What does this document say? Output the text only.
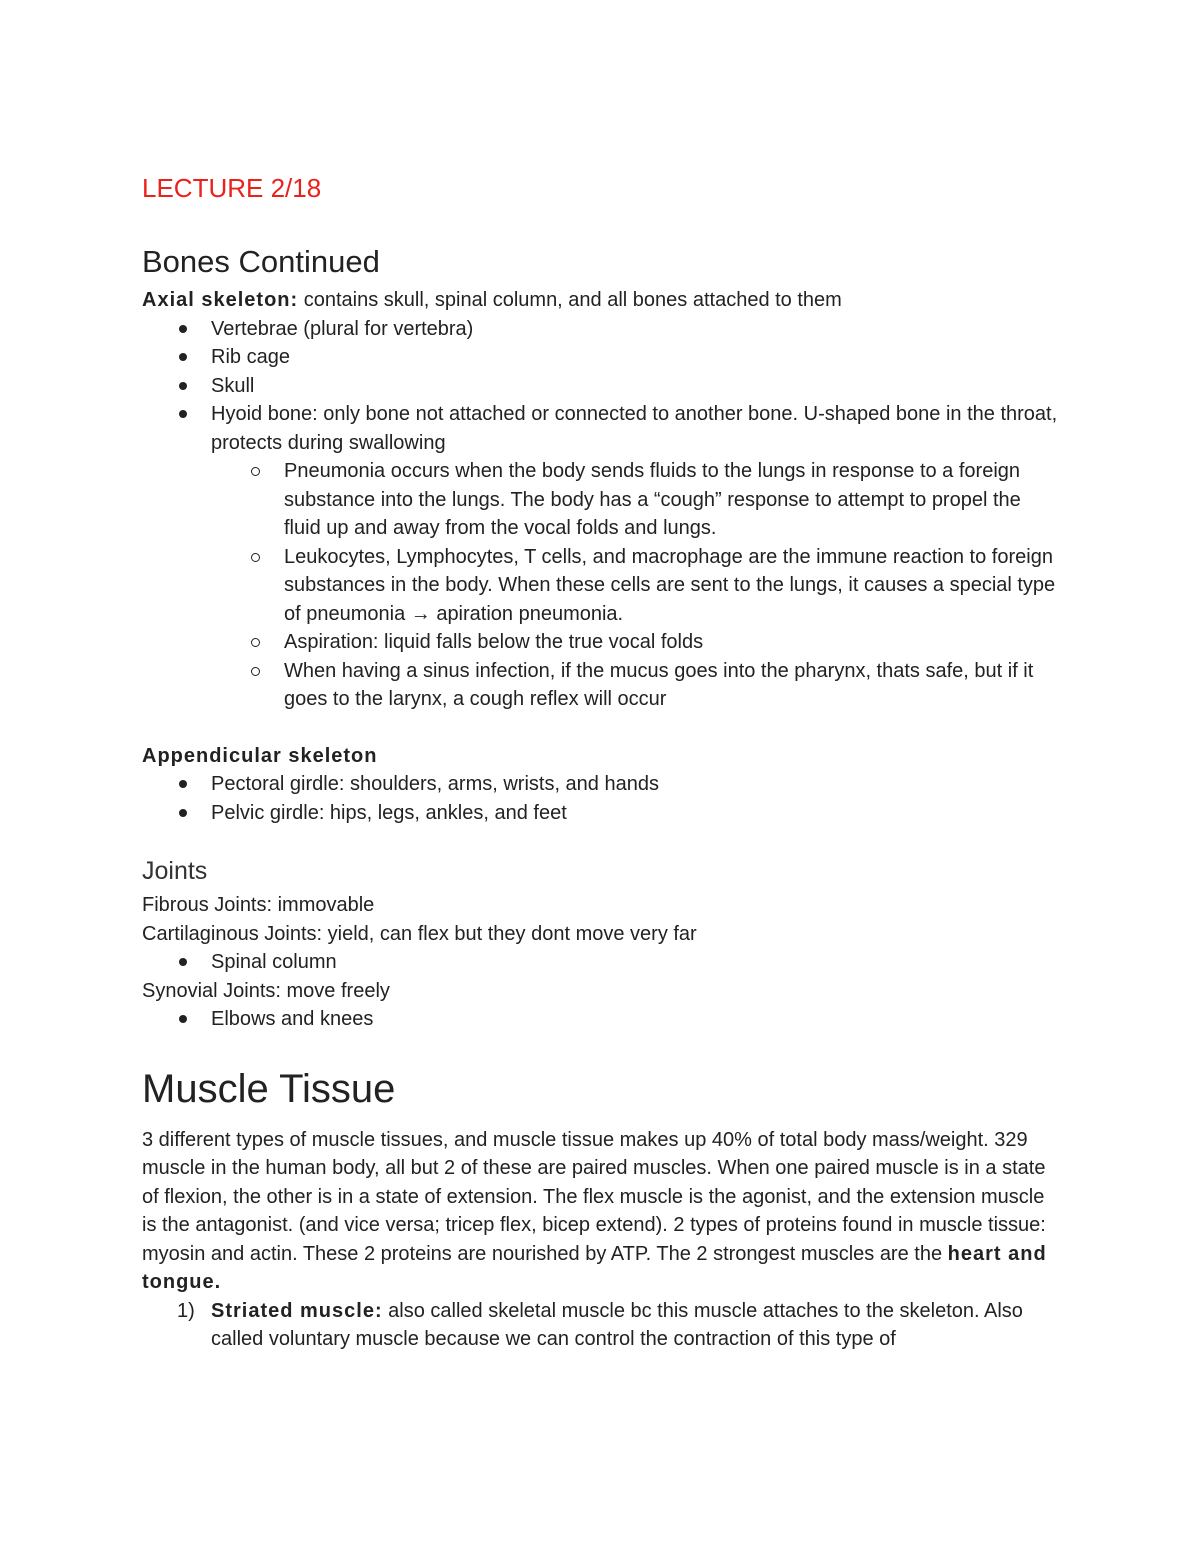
LECTURE 2/18
Bones Continued

Axial skeleton: contains skull, spinal column, and all bones attached to them

Vertebrae (plural for vertebra)
Rib cage
Skull
Hyoid bone: only bone not attached or connected to another bone. U-shaped bone in the throat, protects during swallowing
Pneumonia occurs when the body sends fluids to the lungs in response to a foreign substance into the lungs. The body has a “cough” response to attempt to propel the fluid up and away from the vocal folds and lungs.
Leukocytes, Lymphocytes, T cells, and macrophage are the immune reaction to foreign substances in the body. When these cells are sent to the lungs, it causes a special type of pneumonia → apiration pneumonia.
Aspiration: liquid falls below the true vocal folds
When having a sinus infection, if the mucus goes into the pharynx, thats safe, but if it goes to the larynx, a cough reflex will occur

Appendicular skeleton

Pectoral girdle: shoulders, arms, wrists, and hands
Pelvic girdle: hips, legs, ankles, and feet
Joints

Fibrous Joints: immovable

Cartilaginous Joints: yield, can flex but they dont move very far

Spinal column

Synovial Joints: move freely

Elbows and knees
Muscle Tissue

3 different types of muscle tissues, and muscle tissue makes up 40% of total body mass/weight. 329 muscle in the human body, all but 2 of these are paired muscles. When one paired muscle is in a state of flexion, the other is in a state of extension. The flex muscle is the agonist, and the extension muscle is the antagonist. (and vice versa; tricep flex, bicep extend). 2 types of proteins found in muscle tissue: myosin and actin. These 2 proteins are nourished by ATP. The 2 strongest muscles are the heart and tongue.

1) Striated muscle: also called skeletal muscle bc this muscle attaches to the skeleton. Also called voluntary muscle because we can control the contraction of this type of
